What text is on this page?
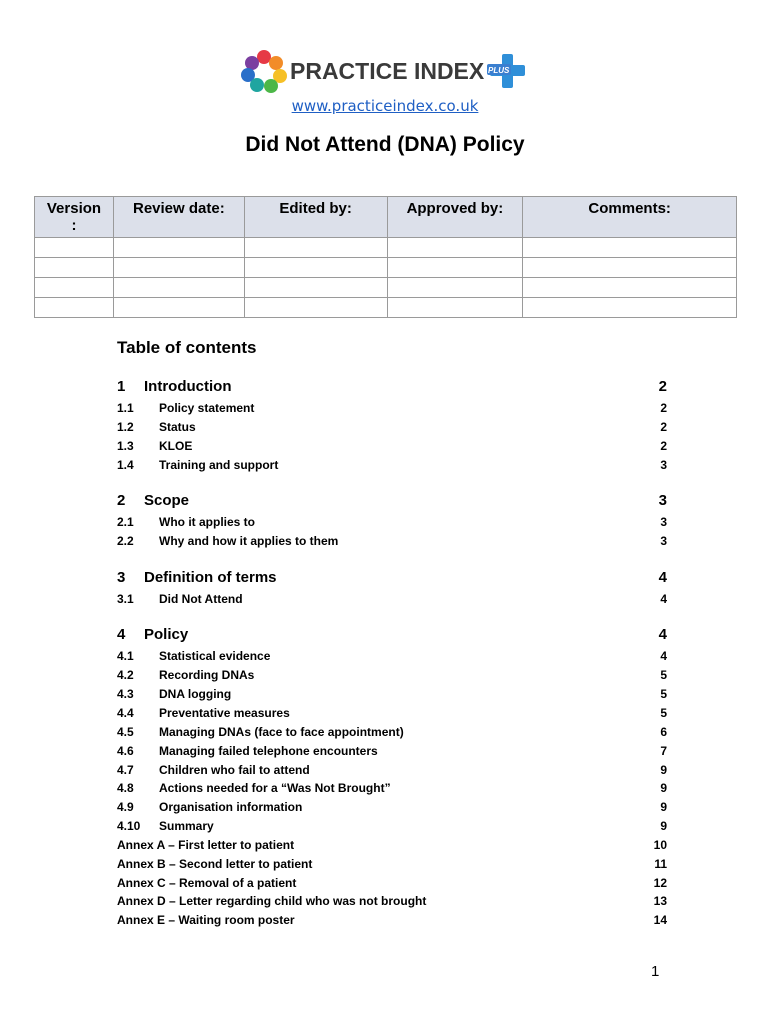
PRACTICE INDEX PLUS
www.practiceindex.co.uk
Did Not Attend (DNA) Policy
Version
:	Review date:	Edited by:	Approved by:	Comments:

Table of contents
1 Introduction	2
1.1 Policy statement	2
1.2 Status	2
1.3 KLOE	2
1.4 Training and support	3
2 Scope	3
2.1 Who it applies to	3
2.2 Why and how it applies to them	3
3 Definition of terms	4
3.1 Did Not Attend	4
4 Policy	4
4.1 Statistical evidence	4
4.2 Recording DNAs	5
4.3 DNA logging	5
4.4 Preventative measures	5
4.5 Managing DNAs (face to face appointment)	6
4.6 Managing failed telephone encounters	7
4.7 Children who fail to attend	9
4.8 Actions needed for a “Was Not Brought”	9
4.9 Organisation information	9
4.10 Summary	9
Annex A – First letter to patient	10
Annex B – Second letter to patient	11
Annex C – Removal of a patient	12
Annex D – Letter regarding child who was not brought	13
Annex E – Waiting room poster	14
1
